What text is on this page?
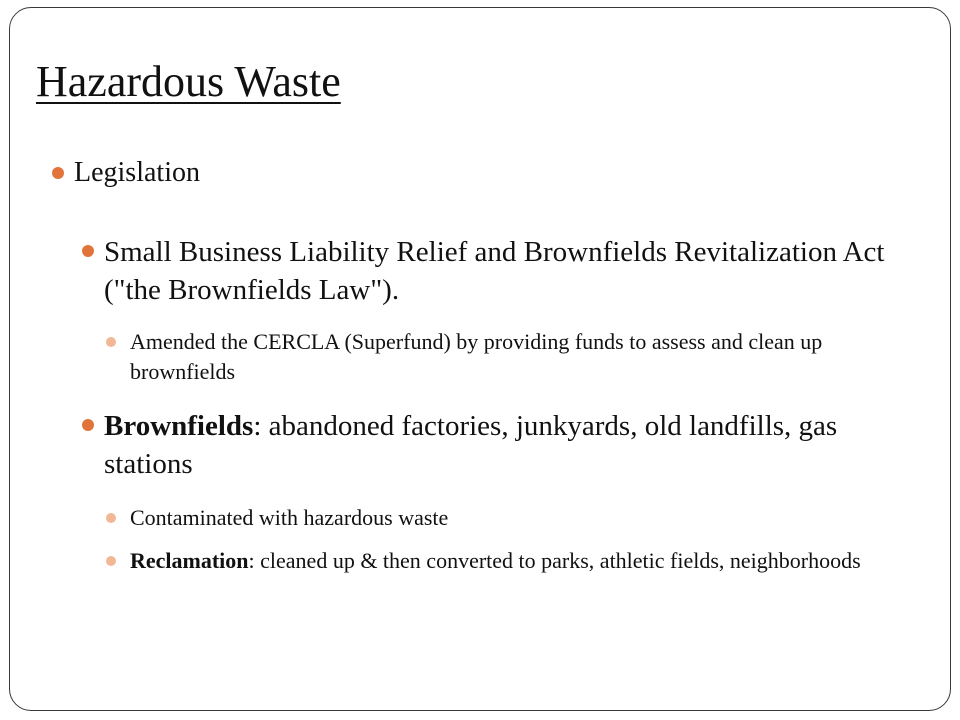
Hazardous Waste
Legislation
Small Business Liability Relief and Brownfields Revitalization Act ("the Brownfields Law").
Amended the CERCLA (Superfund) by providing funds to assess and clean up brownfields
Brownfields: abandoned factories, junkyards, old landfills, gas stations
Contaminated with hazardous waste
Reclamation: cleaned up & then converted to parks, athletic fields, neighborhoods
